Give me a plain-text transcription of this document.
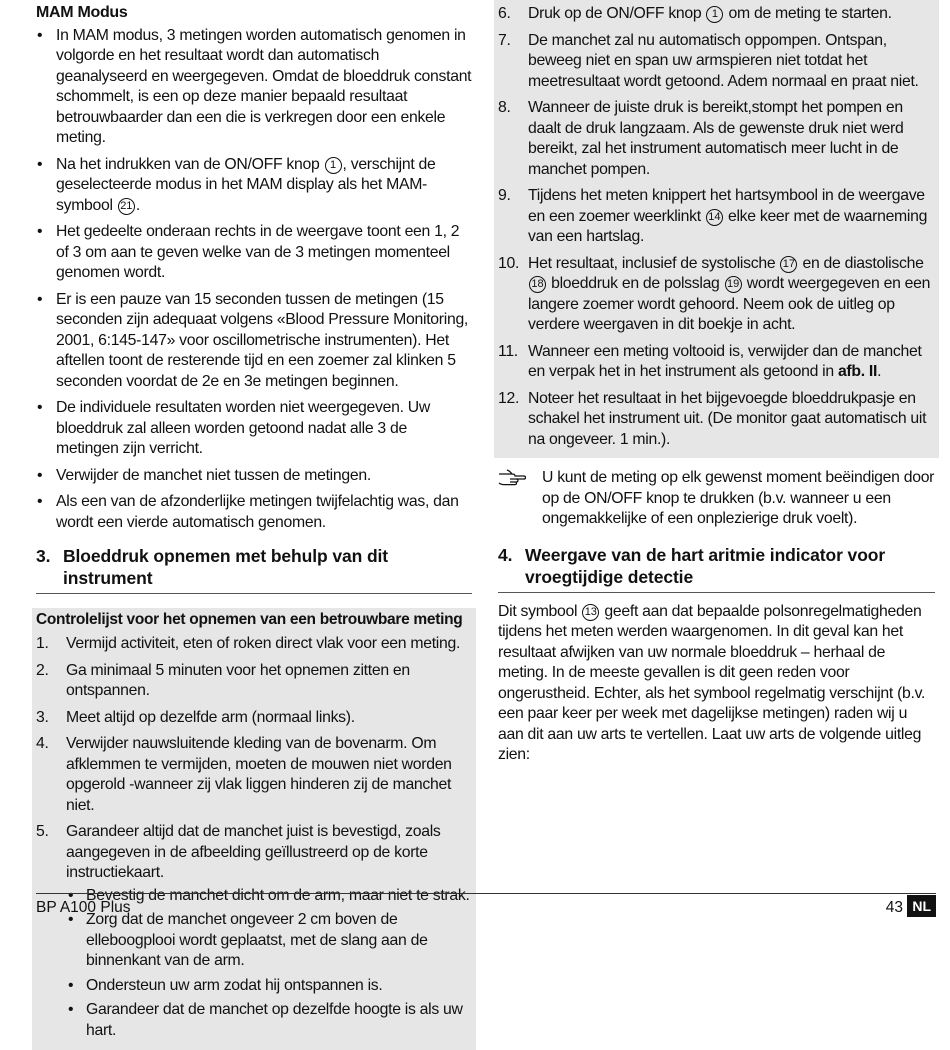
MAM Modus
• In MAM modus, 3 metingen worden automatisch genomen in volgorde en het resultaat wordt dan automatisch geanalyseerd en weergegeven. Omdat de bloeddruk constant schommelt, is een op deze manier bepaald resultaat betrouwbaarder dan een die is verkregen door een enkele meting.
• Na het indrukken van de ON/OFF knop 1 , verschijnt de geselecteerde modus in het MAM display als het MAM-symbool 21 .
• Het gedeelte onderaan rechts in de weergave toont een 1, 2 of 3 om aan te geven welke van de 3 metingen momenteel genomen wordt.
• Er is een pauze van 15 seconden tussen de metingen (15 seconden zijn adequaat volgens «Blood Pressure Monitoring, 2001, 6:145-147» voor oscillometrische instrumenten). Het aftellen toont de resterende tijd en een zoemer zal klinken 5 seconden voordat de 2e en 3e metingen beginnen.
• De individuele resultaten worden niet weergegeven. Uw bloeddruk zal alleen worden getoond nadat alle 3 de metingen zijn verricht.
• Verwijder de manchet niet tussen de metingen.
• Als een van de afzonderlijke metingen twijfelachtig was, dan wordt een vierde automatisch genomen.
3. Bloeddruk opnemen met behulp van dit instrument
Controlelijst voor het opnemen van een betrouwbare meting
1. Vermijd activiteit, eten of roken direct vlak voor een meting.
2. Ga minimaal 5 minuten voor het opnemen zitten en ontspannen.
3. Meet altijd op dezelfde arm (normaal links).
4. Verwijder nauwsluitende kleding van de bovenarm. Om afklemmen te vermijden, moeten de mouwen niet worden opgerold -wanneer zij vlak liggen hinderen zij de manchet niet.
5. Garandeer altijd dat de manchet juist is bevestigd, zoals aangegeven in de afbeelding geïllustreerd op de korte instructiekaart.
• Bevestig de manchet dicht om de arm, maar niet te strak.
• Zorg dat de manchet ongeveer 2 cm boven de elleboogplooi wordt geplaatst, met de slang aan de binnenkant van de arm.
• Ondersteun uw arm zodat hij ontspannen is.
• Garandeer dat de manchet op dezelfde hoogte is als uw hart.
6. Druk op de ON/OFF knop 1 om de meting te starten.
7. De manchet zal nu automatisch oppompen. Ontspan, beweeg niet en span uw armspieren niet totdat het meetresultaat wordt getoond. Adem normaal en praat niet.
8. Wanneer de juiste druk is bereikt,stompt het pompen en daalt de druk langzaam. Als de gewenste druk niet werd bereikt, zal het instrument automatisch meer lucht in de manchet pompen.
9. Tijdens het meten knippert het hartsymbool in de weergave en een zoemer weerklinkt 14 elke keer met de waarneming van een hartslag.
10. Het resultaat, inclusief de systolische 17 en de diastolische 18 bloeddruk en de polsslag 19 wordt weergegeven en een langere zoemer wordt gehoord. Neem ook de uitleg op verdere weergaven in dit boekje in acht.
11. Wanneer een meting voltooid is, verwijder dan de manchet en verpak het in het instrument als getoond in afb. II.
12. Noteer het resultaat in het bijgevoegde bloeddrukpasje en schakel het instrument uit. (De monitor gaat automatisch uit na ongeveer. 1 min.).
U kunt de meting op elk gewenst moment beëindigen door op de ON/OFF knop te drukken (b.v. wanneer u een ongemakkelijke of een onplezierige druk voelt).
4. Weergave van de hart aritmie indicator voor vroegtijdige detectie

Dit symbool 13 geeft aan dat bepaalde polsonregelmatigheden tijdens het meten werden waargenomen. In dit geval kan het resultaat afwijken van uw normale bloeddruk – herhaal de meting. In de meeste gevallen is dit geen reden voor ongerustheid. Echter, als het symbool regelmatig verschijnt (b.v. een paar keer per week met dagelijkse metingen) raden wij u aan dit aan uw arts te vertellen. Laat uw arts de volgende uitleg zien:

BP A100 Plus	43 NL
